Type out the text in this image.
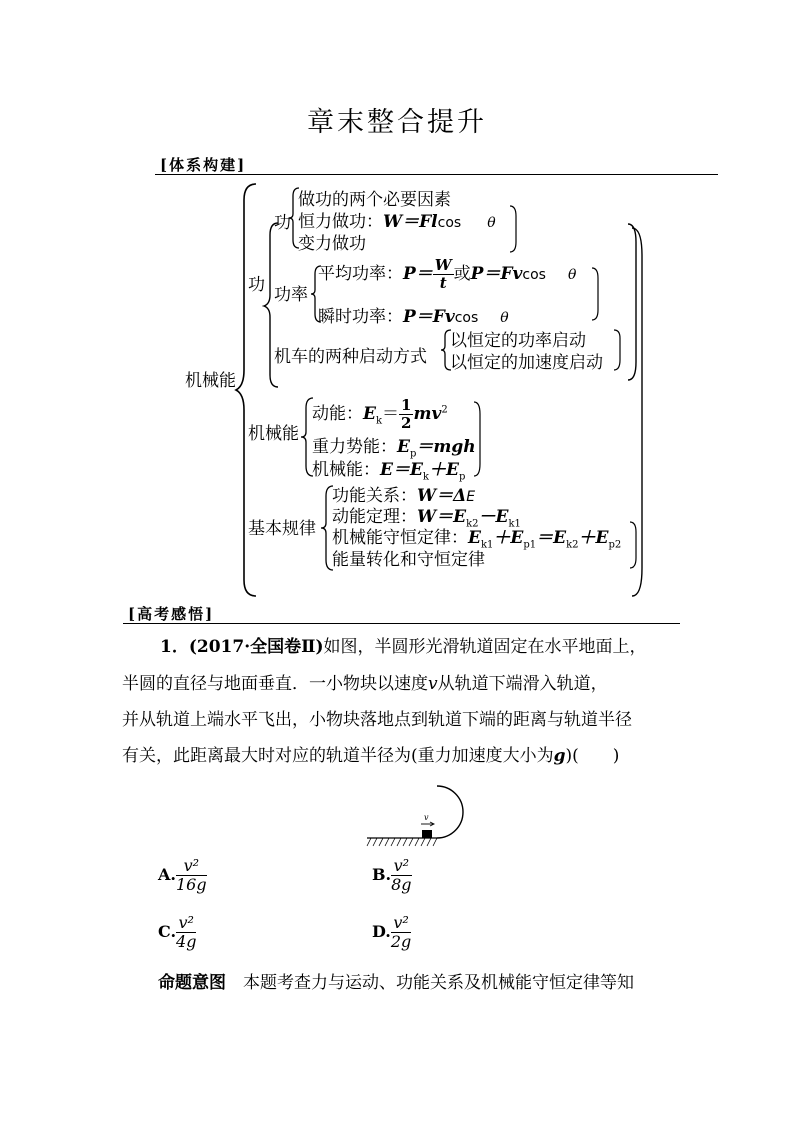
章末整合提升
[体系构建]
机械能
功
功
做功的两个必要因素
恒力做功：W＝Flcos θ
变力做功
功率
平均功率：$P= \frac{W}{t}$ 或P＝Fvcos θ
瞬时功率：P＝Fvcos θ
机车的两种启动方式
以恒定的功率启动
以恒定的加速度启动
机械能
动能：$E_k= \frac{1}{2} mv^2$
重力势能：$E_p=mgh$
机械能：$E=E_k+E_p$
基本规律
功能关系：W＝ΔE
动能定理：$W=E_{k2}-E_{k1}$
机械能守恒定律：$E_{k1}+E_{p1}=E_{k2}+E_{p2}$
能量转化和守恒定律
[高考感悟]
1．(2017·全国卷Ⅱ)如图，半圆形光滑轨道固定在水平地面上，
半圆的直径与地面垂直．一小物块以速度v从轨道下端滑入轨道，
并从轨道上端水平飞出，小物块落地点到轨道下端的距离与轨道半径
有关，此距离最大时对应的轨道半径为(重力加速度大小为g)(　　)
v
A. $\frac{\text{v²}}{16g}$	B. $\frac{\text{v²}}{8g}$
C. $\frac{\text{v²}}{4g}$	D. $\frac{\text{v²}}{2g}$
命题意图　 本题考查力与运动、功能关系及机械能守恒定律等知
